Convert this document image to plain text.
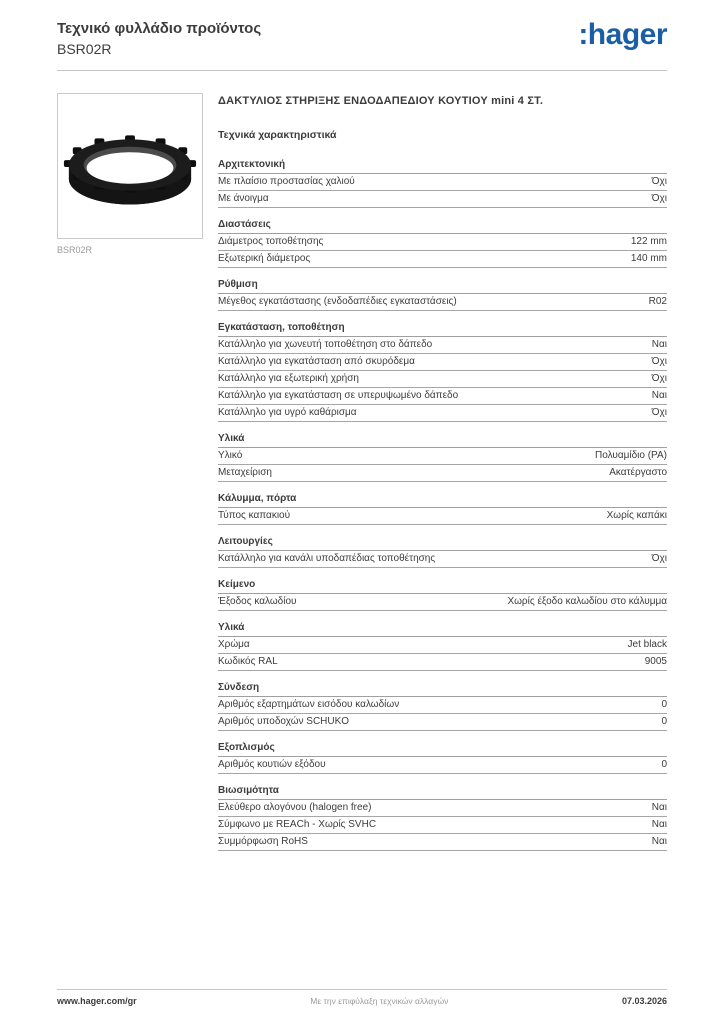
Τεχνικό φυλλάδιο προϊόντος
BSR02R	:hager
BSR02R
ΔΑΚΤΥΛΙΟΣ ΣΤΗΡΙΞΗΣ ΕΝΔΟΔΑΠΕΔΙΟΥ ΚΟΥΤΙΟΥ mini 4 ΣΤ.
Τεχνικά χαρακτηριστικά
Αρχιτεκτονική
Με πλαίσιο προστασίας χαλιού	Όχι
Με άνοιγμα	Όχι
Διαστάσεις
Διάμετρος τοποθέτησης	122 mm
Εξωτερική διάμετρος	140 mm
Ρύθμιση
Μέγεθος εγκατάστασης (ενδοδαπέδιες εγκαταστάσεις)	R02
Εγκατάσταση, τοποθέτηση
Κατάλληλο για χωνευτή τοποθέτηση στο δάπεδο	Ναι
Κατάλληλο για εγκατάσταση από σκυρόδεμα	Όχι
Κατάλληλο για εξωτερική χρήση	Όχι
Κατάλληλο για εγκατάσταση σε υπερυψωμένο δάπεδο	Ναι
Κατάλληλο για υγρό καθάρισμα	Όχι
Υλικά
Υλικό	Πολυαμίδιο (PA)
Μεταχείριση	Ακατέργαστο
Κάλυμμα, πόρτα
Τύπος καπακιού	Χωρίς καπάκι
Λειτουργίες
Κατάλληλο για κανάλι υποδαπέδιας τοποθέτησης	Όχι
Κείμενο
Έξοδος καλωδίου	Χωρίς έξοδο καλωδίου στο κάλυμμα
Υλικά
Χρώμα	Jet black
Κωδικός RAL	9005
Σύνδεση
Αριθμός εξαρτημάτων εισόδου καλωδίων	0
Αριθμός υποδοχών SCHUKO	0
Εξοπλισμός
Αριθμός κουτιών εξόδου	0
Βιωσιμότητα
Ελεύθερο αλογόνου (halogen free)	Ναι
Σύμφωνο με REACh - Χωρίς SVHC	Ναι
Συμμόρφωση RoHS	Ναι
www.hager.com/gr	Με την επιφύλαξη τεχνικών αλλαγών	07.03.2026
